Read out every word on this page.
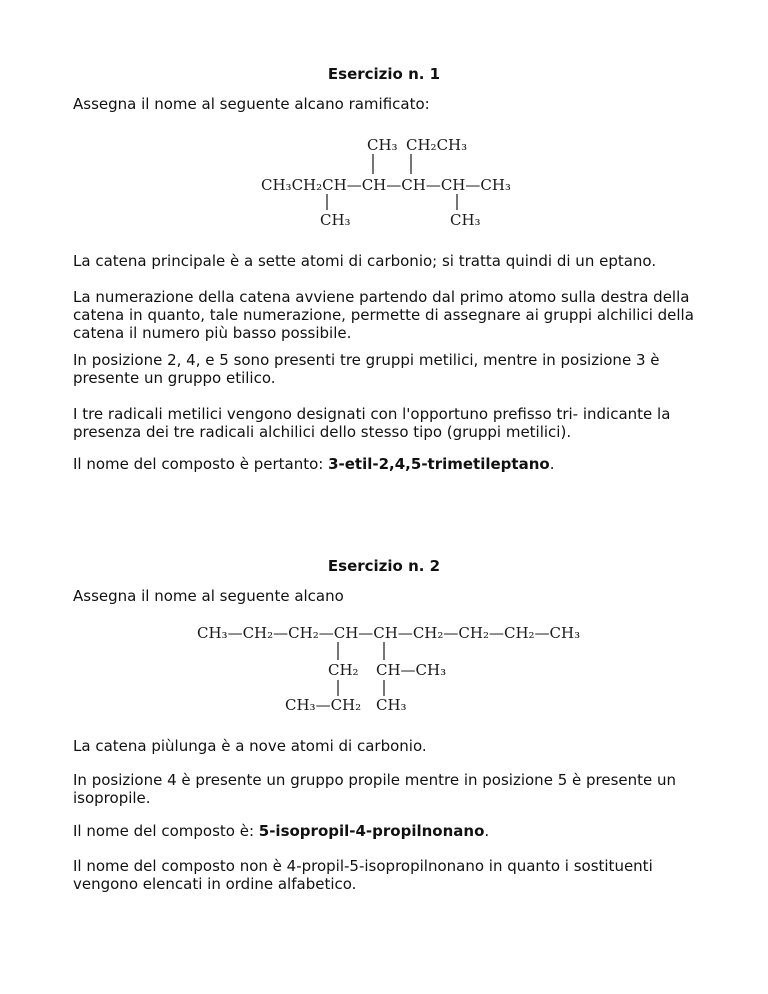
Esercizio n. 1

Assegna il nome al seguente alcano ramificato:

CH₃ CH₂CH₃
CH₃CH₂CH—CH—CH—CH—CH₃
CH₃	CH₃

La catena principale è a sette atomi di carbonio; si tratta quindi di un eptano.

La numerazione della catena avviene partendo dal primo atomo sulla destra della catena in quanto, tale numerazione, permette di assegnare ai gruppi alchilici della catena il numero più basso possibile.

In posizione 2, 4, e 5 sono presenti tre gruppi metilici, mentre in posizione 3 è presente un gruppo etilico.

I tre radicali metilici vengono designati con l'opportuno prefisso tri- indicante la presenza dei tre radicali alchilici dello stesso tipo (gruppi metilici).

Il nome del composto è pertanto: 3-etil-2,4,5-trimetileptano.

Esercizio n. 2

Assegna il nome al seguente alcano

CH₃—CH₂—CH₂—CH—CH—CH₂—CH₂—CH₂—CH₃
CH₂ CH—CH₃
CH₃—CH₂ CH₃

La catena piùlunga è a nove atomi di carbonio.

In posizione 4 è presente un gruppo propile mentre in posizione 5 è presente un isopropile.

Il nome del composto è: 5-isopropil-4-propilnonano.

Il nome del composto non è 4-propil-5-isopropilnonano in quanto i sostituenti vengono elencati in ordine alfabetico.
